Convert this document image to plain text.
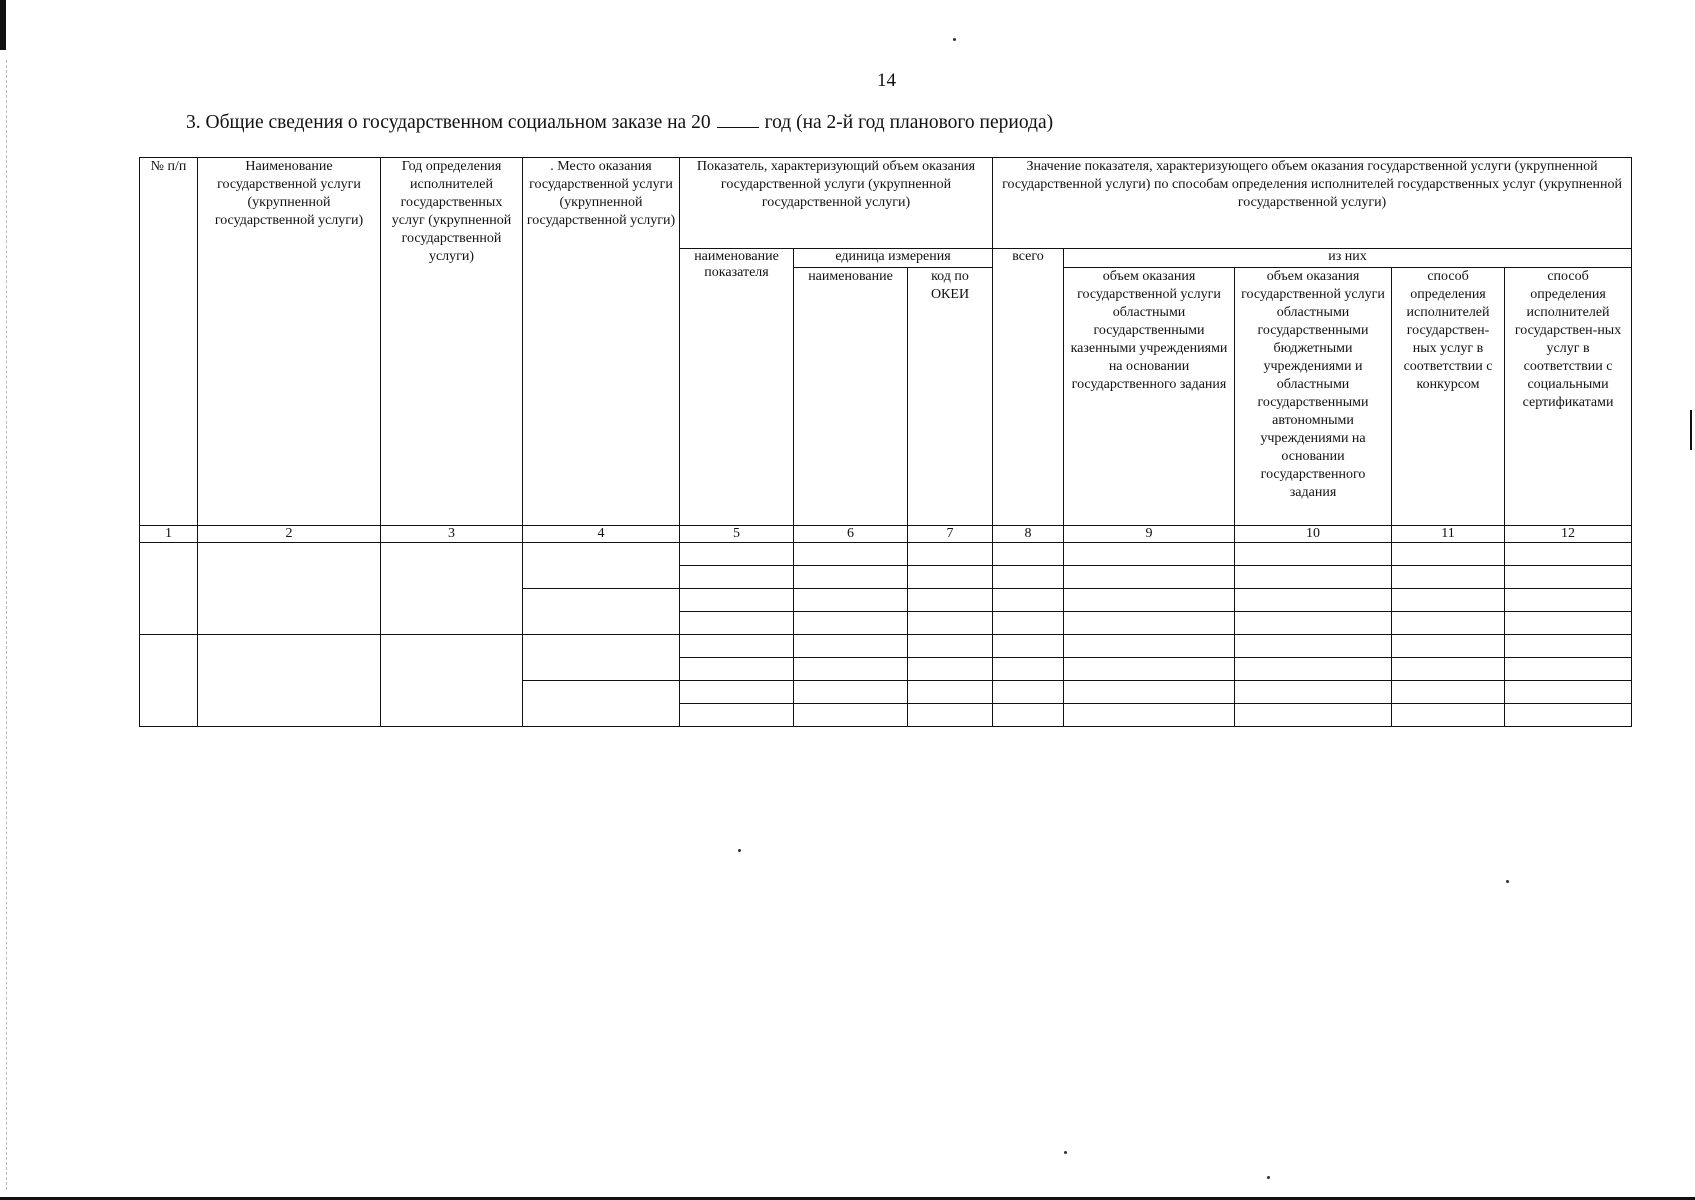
14
3. Общие сведения о государственном социальном заказе на 20	год (на 2-й год планового периода)
№ п/п	Наименование государственной услуги (укрупненной государственной услуги)	Год определения исполнителей государственных услуг (укрупненной государственной услуги)	. Место оказания государственной услуги (укрупненной государственной услуги)	Показатель, характеризующий объем оказания государственной услуги (укрупненной государственной услуги)			Значение показателя, характеризующего объем оказания государственной услуги (укрупненной государственной услуги) по способам определения исполнителей государственных услуг (укрупненной государственной услуги)				
				наименование показателя	единица измерения		всего	из них			
					наименование	код по ОКЕИ		объем оказания государственной услуги областными государственными казенными учреждениями на основании государственного задания	объем оказания государственной услуги областными государственными бюджетными учреждениями и областными государственными автономными учреждениями на основании государственного задания	способ определения исполнителей государствен-ных услуг в соответствии с конкурсом	способ определения исполнителей государствен-ных услуг в соответствии с социальными сертификатами
1	2	3	4	5	6	7	8	9	10	11	12
